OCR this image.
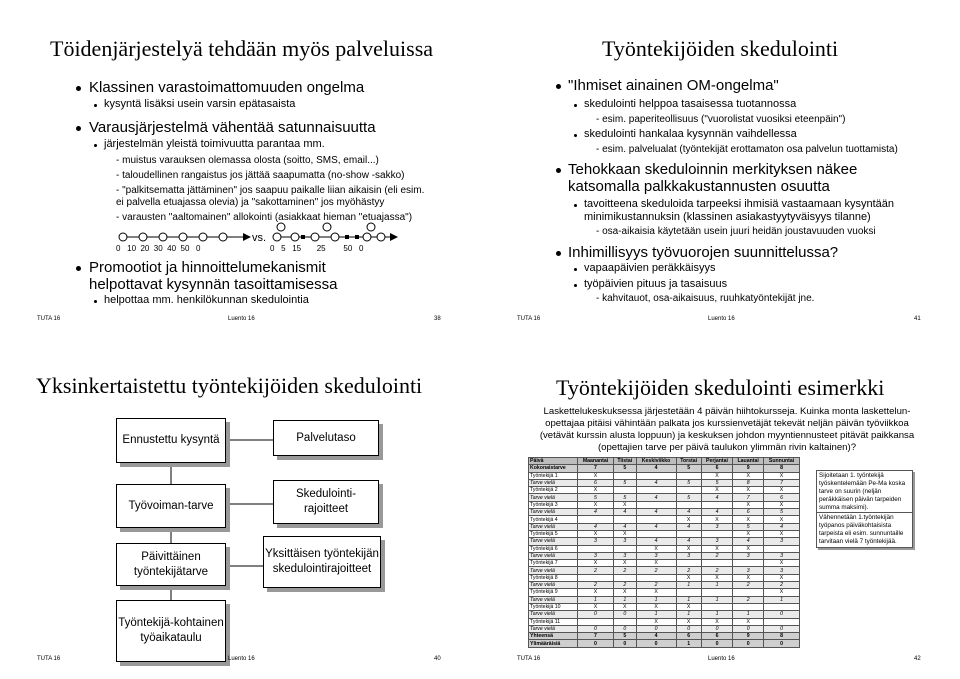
Töidenjärjestelyä tehdään myös palveluissa
Klassinen varastoimattomuuden ongelma
kysyntä lisäksi usein varsin epätasaista
Varausjärjestelmä vähentää satunnaisuutta
järjestelmän yleistä toimivuutta parantaa mm.
- muistus varauksen olemassa olosta (soitto, SMS, email...)
- taloudellinen rangaistus jos jättää saapumatta (no-show -sakko)
- "palkitsematta jättäminen" jos saapuu paikalle liian aikaisin (eli esim.
ei palvella etuajassa olevia) ja "sakottaminen" jos myöhästyy
- varausten "aaltomainen" allokointi (asiakkaat hieman "etuajassa")
vs.
0   10  20  30  40  50   0	0   5   15       25        50   0
Promootiot ja hinnoittelumekanismit
helpottavat kysynnän tasoittamisessa
helpottaa mm. henkilökunnan skedulointia
TUTA 16	Luento 16	38
Työntekijöiden skedulointi
"Ihmiset ainainen OM-ongelma"
skedulointi helppoa tasaisessa tuotannossa
- esim. paperiteollisuus ("vuorolistat vuosiksi eteenpäin")
skedulointi hankalaa kysynnän vaihdellessa
- esim. palvelualat (työntekijät erottamaton osa palvelun tuottamista)
Tehokkaan skeduloinnin merkityksen näkee
katsomalla palkkakustannusten osuutta
tavoitteena skeduloida tarpeeksi ihmisiä vastaamaan kysyntään
minimikustannuksin (klassinen asiakastyytyväisyys tilanne)
- osa-aikaisia käytetään usein juuri heidän joustavuuden vuoksi
Inhimillisyys työvuorojen suunnittelussa?
vapaapäivien peräkkäisyys
työpäivien pituus ja tasaisuus
- kahvitauot, osa-aikaisuus, ruuhkatyöntekijät jne.
TUTA 16	Luento 16	41
Yksinkertaistettu työntekijöiden skedulointi
Ennustettu kysyntä
Työvoiman-tarve
Päivittäinen työntekijätarve
Työntekijä-kohtainen työaikataulu
Palvelutaso
Skedulointi-rajoitteet
Yksittäisen työntekijän skedulointirajoitteet
TUTA 16	Luento 16	40
Työntekijöiden skedulointi esimerkki
Laskettelukeskuksessa järjestetään 4 päivän hiihtokursseja. Kuinka monta laskettelun-
opettajaa pitäisi vähintään palkata jos kurssienvetäjät tekevät neljän päivän työviikkoa
(vetävät kurssin alusta loppuun) ja keskuksen johdon myyntiennusteet pitävät paikkansa
(opettajien tarve per päivä taulukon ylimmän rivin kaltainen)?
Päivä	Maanantai	Tiistai	Keskiviikko	Torstai	Perjantai	Lauantai	Sunnuntai
Kokonaistarve	7	5	4	5	6	9	8
Työntekijä 1	X				X	X	X
Tarve vielä	6	5	4	5	5	8	7
Työntekijä 2	X				X	X	X
Tarve vielä	5	5	4	5	4	7	6
Työntekijä 3	X	X				X	X
Tarve vielä	4	4	4	4	4	6	5
Työntekijä 4				X	X	X	X
Tarve vielä	4	4	4	4	3	5	4
Työntekijä 5	X	X				X	X
Tarve vielä	3	3	4	4	3	4	3
Työntekijä 6			X	X	X	X	
Tarve vielä	3	3	3	3	2	3	3
Työntekijä 7	X	X	X				X
Tarve vielä	2	2	2	2	2	3	3
Työntekijä 8				X	X	X	X
Tarve vielä	2	2	2	1	1	2	2
Työntekijä 9	X	X	X				X
Tarve vielä	1	1	1	1	1	2	1
Työntekijä 10	X	X	X	X			
Tarve vielä	0	0	1	1	1	1	0
Työntekijä 11			X	X	X	X	
Tarve vielä	0	0	0	0	0	0	0
Yhteensä	7	5	4	6	6	9	8
Ylimääräisiä	0	0	0	1	0	0	0
Sijoitetaan 1. työntekijä työskentelemään Pe-Ma koska tarve on suurin (neljän peräkkäisen päivän tarpeiden summa maksimi).
Vähennetään 1.työntekijän työpanos päiväkohtaisista tarpeista eli esim. sunnuntaille tarvitaan vielä 7 työntekijää.
TUTA 16	Luento 16	42
